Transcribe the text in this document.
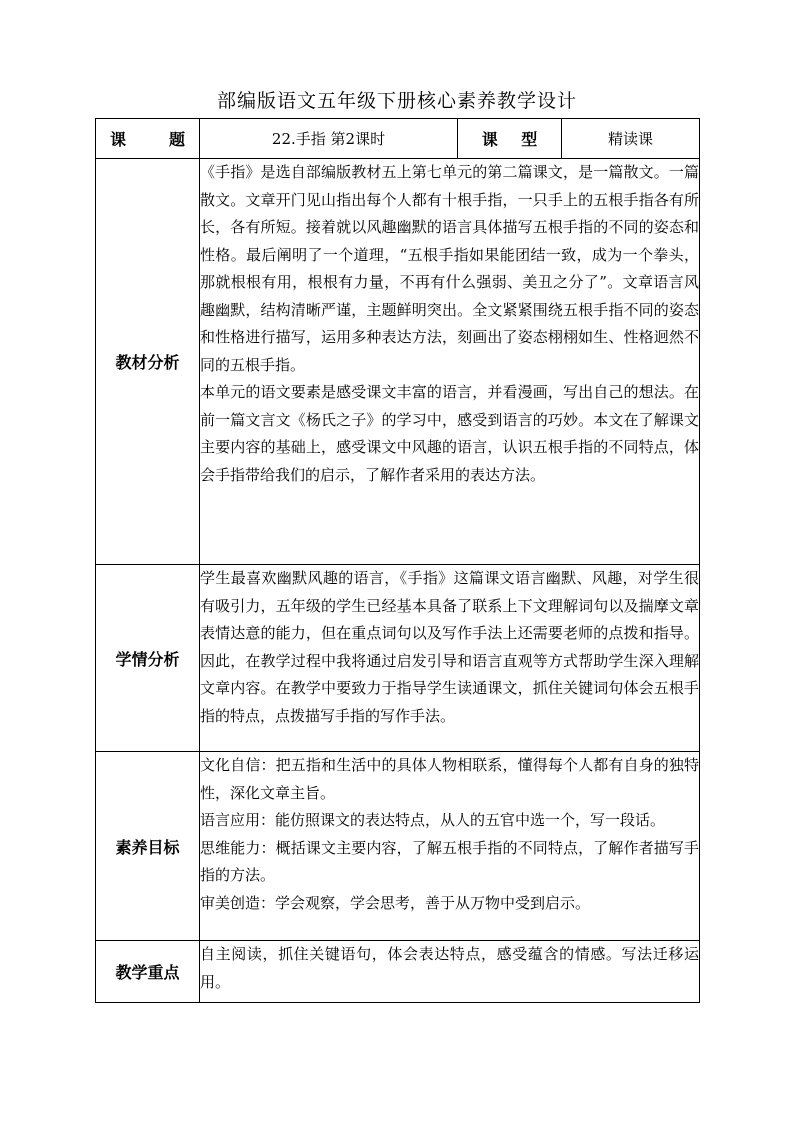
部编版语文五年级下册核心素养教学设计
课 题	22.手指 第2课时	课 型	精读课
教材分析	《手指》是选自部编版教材五上第七单元的第二篇课文，是一篇散文。一篇散文。文章开门见山指出每个人都有十根手指，一只手上的五根手指各有所长，各有所短。接着就以风趣幽默的语言具体描写五根手指的不同的姿态和性格。最后阐明了一个道理，“五根手指如果能团结一致，成为一个拳头，那就根根有用，根根有力量，不再有什么强弱、美丑之分了”。文章语言风趣幽默，结构清晰严谨，主题鲜明突出。全文紧紧围绕五根手指不同的姿态和性格进行描写，运用多种表达方法，刻画出了姿态栩栩如生、性格迥然不同的五根手指。

本单元的语文要素是感受课文丰富的语言，并看漫画，写出自己的想法。在前一篇文言文《杨氏之子》的学习中，感受到语言的巧妙。本文在了解课文主要内容的基础上，感受课文中风趣的语言，认识五根手指的不同特点，体会手指带给我们的启示，了解作者采用的表达方法。		

学情分析	学生最喜欢幽默风趣的语言，《手指》这篇课文语言幽默、风趣，对学生很有吸引力，五年级的学生已经基本具备了联系上下文理解词句以及揣摩文章表情达意的能力，但在重点词句以及写作手法上还需要老师的点拨和指导。因此，在教学过程中我将通过启发引导和语言直观等方式帮助学生深入理解文章内容。在教学中要致力于指导学生读通课文，抓住关键词句体会五根手指的特点，点拨描写手指的写作手法。		

素养目标	文化自信：把五指和生活中的具体人物相联系，懂得每个人都有自身的独特性，深化文章主旨。

语言应用：能仿照课文的表达特点，从人的五官中选一个，写一段话。

思维能力：概括课文主要内容，了解五根手指的不同特点，了解作者描写手指的方法。

审美创造：学会观察，学会思考，善于从万物中受到启示。		

教学重点	自主阅读，抓住关键语句，体会表达特点，感受蕴含的情感。写法迁移运用。		
